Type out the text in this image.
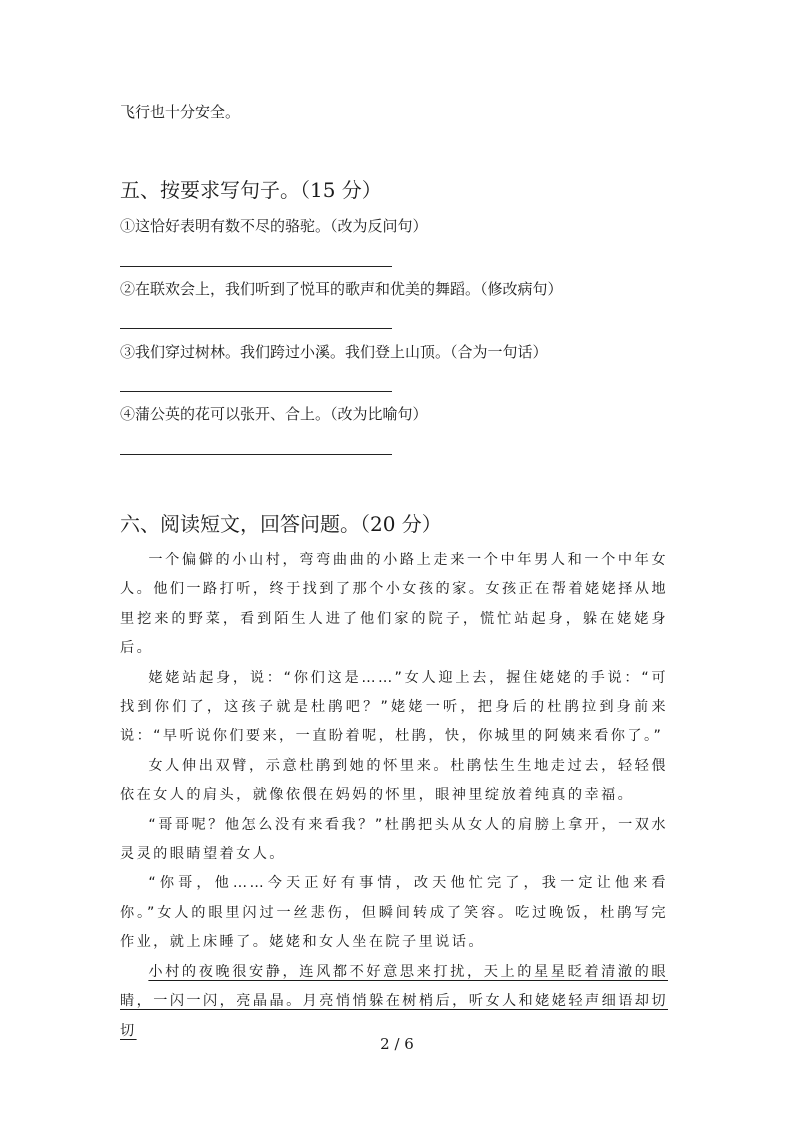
飞行也十分安全。
五、按要求写句子。（15 分）
①这恰好表明有数不尽的骆驼。（改为反问句）
②在联欢会上，我们听到了悦耳的歌声和优美的舞蹈。（修改病句）
③我们穿过树林。我们跨过小溪。我们登上山顶。（合为一句话）
④蒲公英的花可以张开、合上。（改为比喻句）
六、阅读短文，回答问题。（20 分）

一个偏僻的小山村，弯弯曲曲的小路上走来一个中年男人和一个中年女人。他们一路打听，终于找到了那个小女孩的家。女孩正在帮着姥姥择从地里挖来的野菜，看到陌生人进了他们家的院子，慌忙站起身，躲在姥姥身后。

姥姥站起身，说：“你们这是……”女人迎上去，握住姥姥的手说：“可找到你们了，这孩子就是杜鹃吧？”姥姥一听，把身后的杜鹃拉到身前来说：“早听说你们要来，一直盼着呢，杜鹃，快，你城里的阿姨来看你了。”

女人伸出双臂，示意杜鹃到她的怀里来。杜鹃怯生生地走过去，轻轻偎依在女人的肩头，就像依偎在妈妈的怀里，眼神里绽放着纯真的幸福。

“哥哥呢？他怎么没有来看我？”杜鹃把头从女人的肩膀上拿开，一双水灵灵的眼睛望着女人。

“你哥，他……今天正好有事情，改天他忙完了，我一定让他来看你。”女人的眼里闪过一丝悲伤，但瞬间转成了笑容。吃过晚饭，杜鹃写完作业，就上床睡了。姥姥和女人坐在院子里说话。

小村的夜晚很安静，连风都不好意思来打扰，天上的星星眨着清澈的眼睛，一闪一闪，亮晶晶。月亮悄悄躲在树梢后，听女人和姥姥轻声细语却切切

2 / 6
